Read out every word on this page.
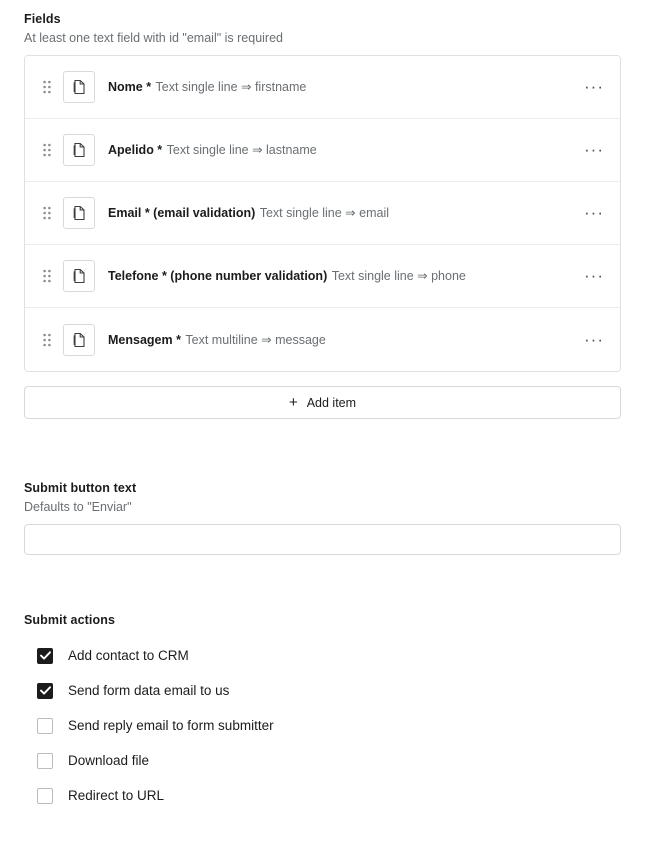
Fields
At least one text field with id "email" is required
Nome * Text single line ⇒ firstname	···
Apelido * Text single line ⇒ lastname	···
Email * (email validation) Text single line ⇒ email	···
Telefone * (phone number validation) Text single line ⇒ phone	···
Mensagem * Text multiline ⇒ message	···
+ Add item
Submit button text
Defaults to "Enviar"
Submit actions
Add contact to CRM
Send form data email to us
Send reply email to form submitter
Download file
Redirect to URL
